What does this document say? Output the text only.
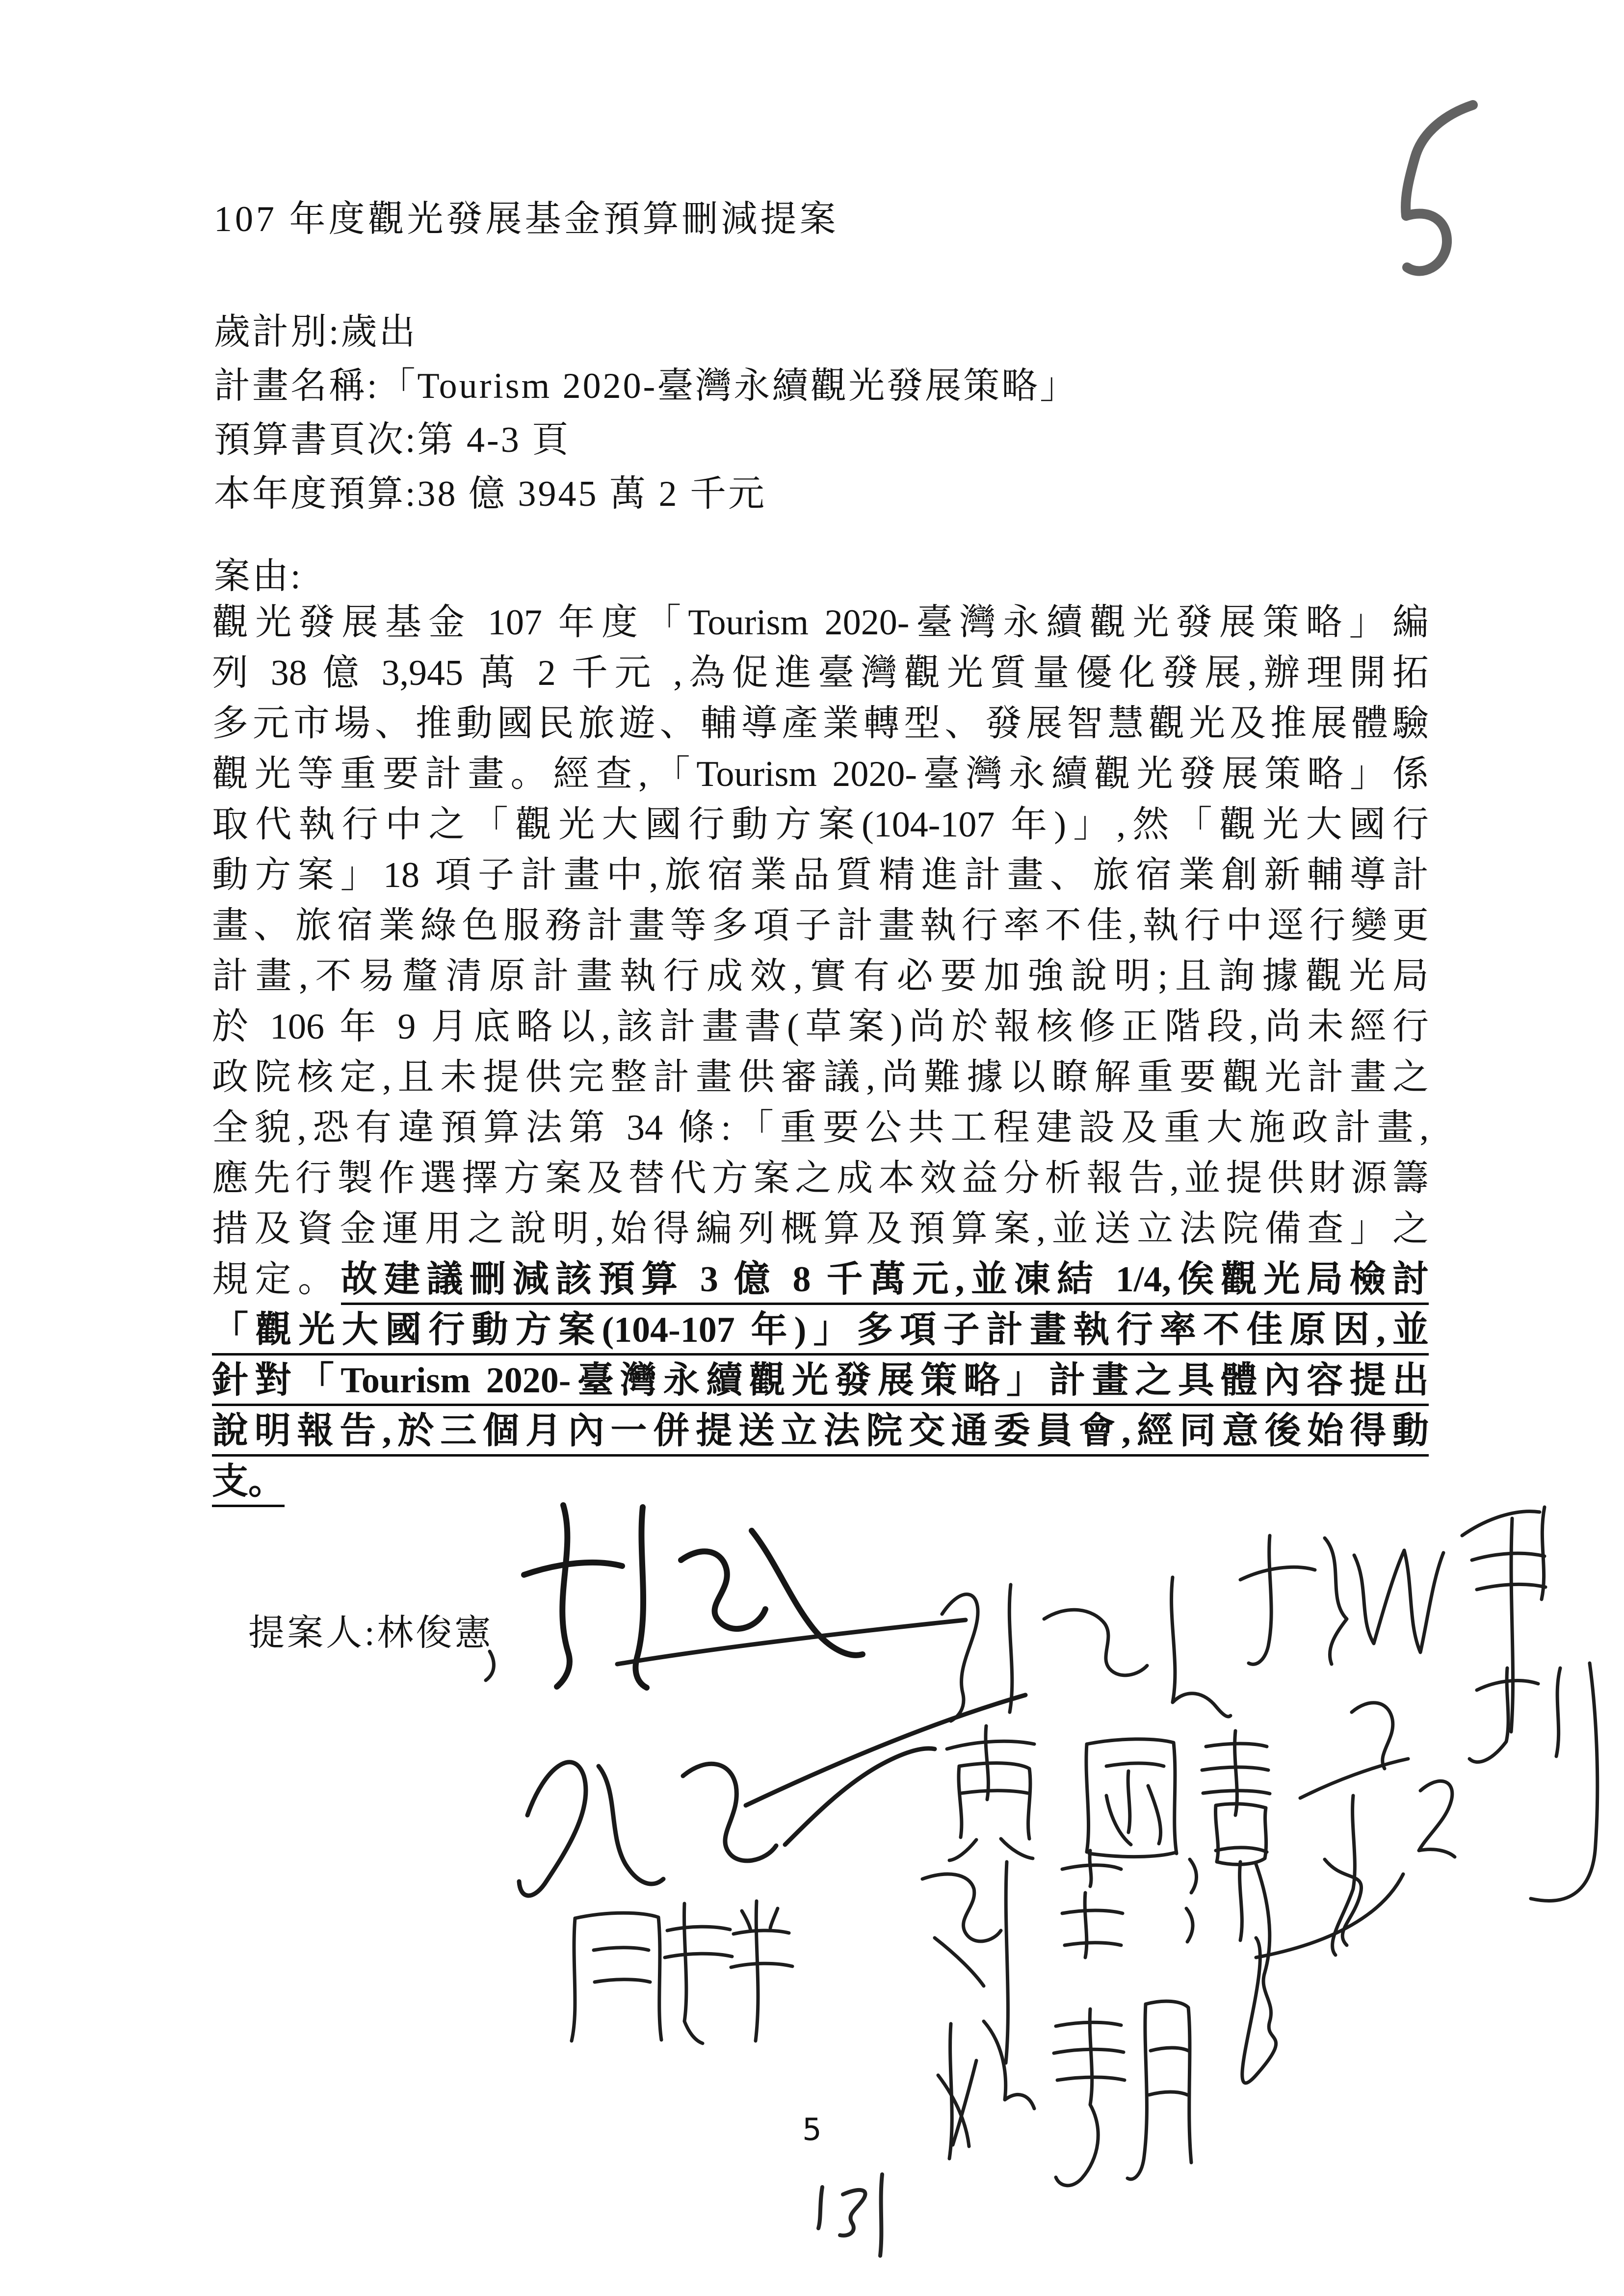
107 年度觀光發展基金預算刪減提案
歲計別:歲出
計畫名稱:「Tourism 2020-臺灣永續觀光發展策略」
預算書頁次:第 4-3 頁
本年度預算:38 億 3945 萬 2 千元
案由:
觀光發展基金 107 年度「Tourism 2020-臺灣永續觀光發展策略」編
列 38 億 3,945 萬 2 千元 ,為促進臺灣觀光質量優化發展,辦理開拓
多元市場、推動國民旅遊、輔導產業轉型、發展智慧觀光及推展體驗
觀光等重要計畫。經查,「Tourism 2020-臺灣永續觀光發展策略」係
取代執行中之「觀光大國行動方案(104-107 年)」,然「觀光大國行
動方案」18 項子計畫中,旅宿業品質精進計畫、旅宿業創新輔導計
畫、旅宿業綠色服務計畫等多項子計畫執行率不佳,執行中逕行變更
計畫,不易釐清原計畫執行成效,實有必要加強說明;且詢據觀光局
於 106 年 9 月底略以,該計畫書(草案)尚於報核修正階段,尚未經行
政院核定,且未提供完整計畫供審議,尚難據以瞭解重要觀光計畫之
全貌,恐有違預算法第 34 條:「重要公共工程建設及重大施政計畫,
應先行製作選擇方案及替代方案之成本效益分析報告,並提供財源籌
措及資金運用之說明,始得編列概算及預算案,並送立法院備查」之
規定。故建議刪減該預算 3 億 8 千萬元,並凍結 1/4,俟觀光局檢討
「觀光大國行動方案(104-107 年)」多項子計畫執行率不佳原因,並
針對「Tourism 2020-臺灣永續觀光發展策略」計畫之具體內容提出
說明報告,於三個月內一併提送立法院交通委員會,經同意後始得動
支。
提案人:林俊憲
5
